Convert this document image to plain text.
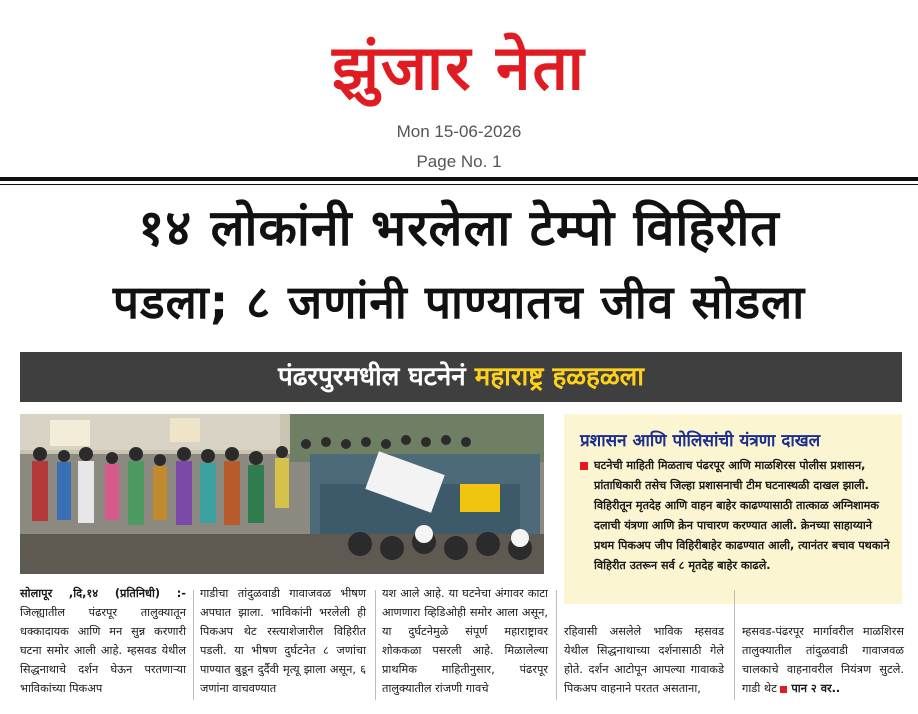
झुंजार नेता
Mon 15-06-2026
Page No. 1
१४ लोकांनी भरलेला टेम्पो विहिरीत
पडला; ८ जणांनी पाण्यातच जीव सोडला
पंढरपुरमधील घटनेनं महाराष्ट्र हळहळला
प्रशासन आणि पोलिसांची यंत्रणा दाखल
घटनेची माहिती मिळताच पंढरपूर आणि माळशिरस पोलीस प्रशासन, प्रांताधिकारी तसेच जिल्हा प्रशासनाची टीम घटनास्थळी दाखल झाली. विहिरीतून मृतदेह आणि वाहन बाहेर काढण्यासाठी तात्काळ अग्निशामक दलाची यंत्रणा आणि क्रेन पाचारण करण्यात आली. क्रेनच्या साहाय्याने प्रथम पिकअप जीप विहिरीबाहेर काढण्यात आली, त्यानंतर बचाव पथकाने विहिरीत उतरून सर्व ८ मृतदेह बाहेर काढले.
सोलापूर ,दि,१४ (प्रतिनिधी) :- जिल्ह्यातील पंढरपूर तालुक्यातून धक्कादायक आणि मन सुन्न करणारी घटना समोर आली आहे. म्हसवड येथील सिद्धनाथाचे दर्शन घेऊन परतणाऱ्या भाविकांच्या पिकअप
गाडीचा तांदुळवाडी गावाजवळ भीषण अपघात झाला. भाविकांनी भरलेली ही पिकअप थेट रस्त्याशेजारील विहिरीत पडली. या भीषण दुर्घटनेत ८ जणांचा पाण्यात बुडून दुर्दैवी मृत्यू झाला असून, ६ जणांना वाचवण्यात
यश आले आहे. या घटनेचा अंगावर काटा आणणारा व्हिडिओही समोर आला असून, या दुर्घटनेमुळे संपूर्ण महाराष्ट्रावर शोककळा पसरली आहे. मिळालेल्या प्राथमिक माहितीनुसार, पंढरपूर तालुक्यातील रांजणी गावचे
रहिवासी असलेले भाविक म्हसवड येथील सिद्धनाथाच्या दर्शनासाठी गेले होते. दर्शन आटोपून आपल्या गावाकडे पिकअप वाहनाने परतत असताना,
म्हसवड-पंढरपूर मार्गावरील माळशिरस तालुक्यातील तांदुळवाडी गावाजवळ चालकाचे वाहनावरील नियंत्रण सुटले. गाडी थेट पान २ वर..
